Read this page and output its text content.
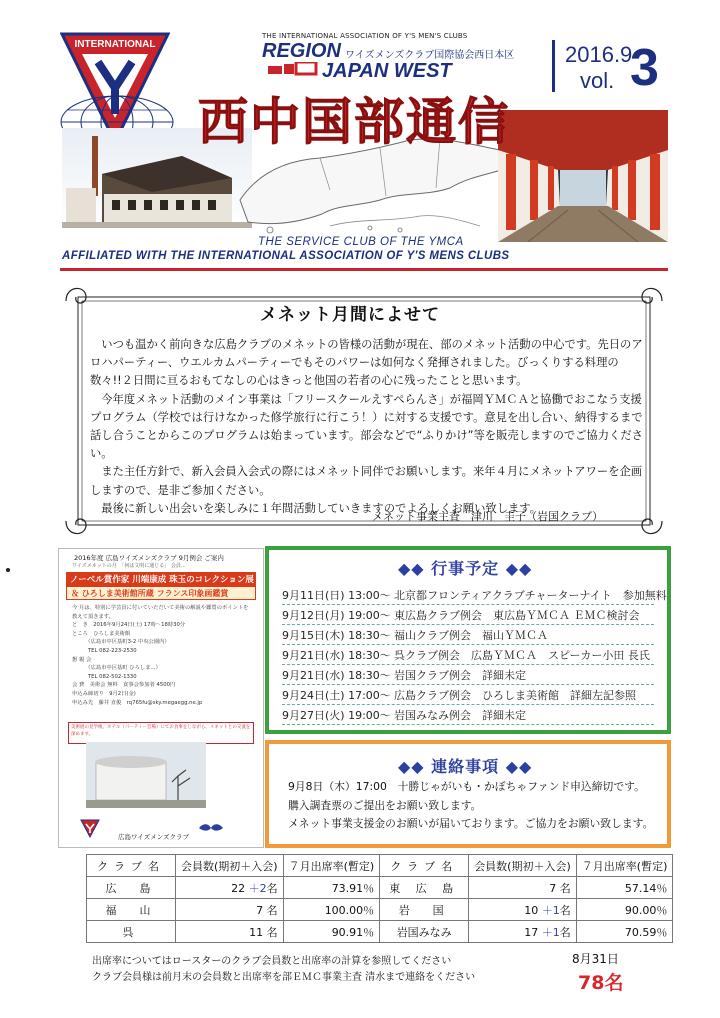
INTERNATIONAL
THE INTERNATIONAL ASSOCIATION OF Y'S MEN'S CLUBS
REGION ワイズメンズクラブ国際協会西日本区
JAPAN WEST
2016.9
vol. 3
西中国部通信
THE SERVICE CLUB OF THE YMCA
AFFILIATED WITH THE INTERNATIONAL ASSOCIATION OF Y'S MENS CLUBS
メネット月間によせて

いつも温かく前向きな広島クラブのメネットの皆様の活動が現在、部のメネット活動の中心です。先日のアロハパーティー、ウエルカムパーティーでもそのパワーは如何なく発揮されました。びっくりする料理の数々!!２日間に亘るおもてなしの心はきっと他国の若者の心に残ったことと思います。

今年度メネット活動のメイン事業は「フリースクールえすぺらんさ」が福岡ＹＭＣＡと協働でおこなう支援プログラム（学校では行けなかった修学旅行に行こう！）に対する支援です。意見を出し合い、納得するまで話し合うことからこのプログラムは始まっています。部会などで“ふりかけ”等を販売しますのでご協力ください。

また主任方針で、新入会員入会式の際にはメネット同伴でお願いします。来年４月にメネットアワーを企画しますので、是非ご参加ください。

最後に新しい出会いを楽しみに１年間活動していきますのでよろしくお願い致します。

メネット事業主査　津川　圭子（岩国クラブ）
2016年度 広島ワイズメンズクラブ 9月例会 ご案内
ワイズメネットの月　「何は文明に通じる」 会員...
ノーベル賞作家 川端康成 珠玉のコレクション展
＆ ひろしま美術館所蔵 フランス印象画鑑賞
今 月は、特別に学芸員に付いていただいて美術の解説や鑑賞のポイントを教えて頂きます。
と　き　2016年9月24日(土) 17時～18時30分
ところ　ひろしま美術館
　　　（広島市中区基町3-2 中央公園内）
　　　TEL 082-223-2530
懇 親 会
　　　（広島市中区基町 ひろしま...）
　　　TEL 082-502-1330
会 費　美術会 無料　食事会参加者 4500円
申込み締切り　9月2日(金)
申込み先　藤井 直俊　rq765fu@sky.megaegg.ne.jp
美術展の見学後、ホテル（パーティー会場）にてお食事をしながら、メネットとの交流を深めます。
広島ワイズメンズクラブ
◆◆ 行事予定 ◆◆
9月11日(日) 13:00～ 北京都フロンティアクラブチャーターナイト　参加無料
9月12日(月) 19:00～ 東広島クラブ例会　東広島ＹＭＣＡ ＥＭＣ検討会
9月15日(木) 18:30～ 福山クラブ例会　福山ＹＭＣＡ
9月21日(水) 18:30～ 呉クラブ例会　広島ＹＭＣＡ　スピーカー小田 長氏
9月21日(水) 18:30～ 岩国クラブ例会　詳細未定
9月24日(土) 17:00～ 広島クラブ例会　ひろしま美術館　詳細左記参照
9月27日(火) 19:00～ 岩国みなみ例会　詳細未定
◆◆ 連絡事項 ◆◆
9月8日（木）17:00　十勝じゃがいも・かぼちゃファンド申込締切です。
購入調査票のご提出をお願い致します。
メネット事業支援金のお願いが届いております。ご協力をお願い致します。
クラブ名	会員数(期初＋入会)	７月出席率(暫定)	クラブ名	会員数(期初＋入会)	７月出席率(暫定)
広　島	22 ＋2名	73.91％	東 広 島	7 名	57.14％
福　山	7 名	100.00％	岩　国	10 ＋1名	90.00％
呉	11 名	90.91％	岩国みなみ	17 ＋1名	70.59％
出席率についてはロースターのクラブ会員数と出席率の計算を参照してください
クラブ会員様は前月末の会員数と出席率を部ＥＭＣ事業主査 清水まで連絡をください
8月31日
78名
